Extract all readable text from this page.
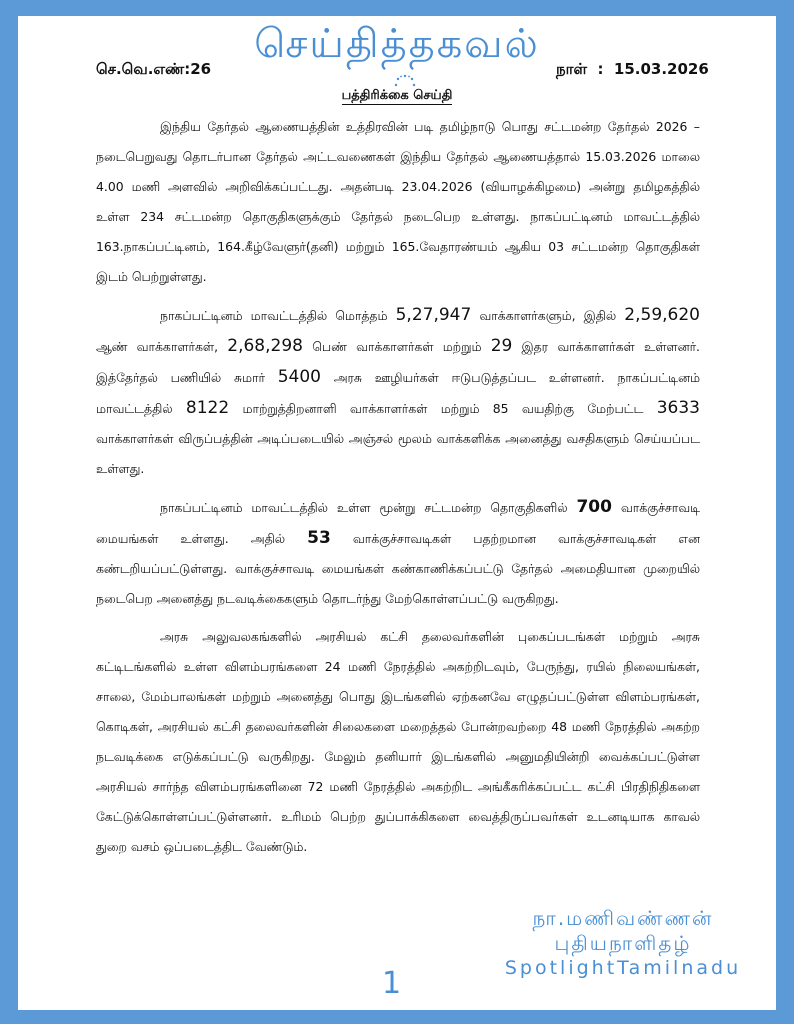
செய்தித்தகவல்
செ.வெ.எண்:26	நாள்  :  15.03.2026
பத்திரிக்கை செய்தி

இந்திய தேர்தல் ஆணையத்தின் உத்திரவின் படி தமிழ்நாடு பொது சட்டமன்ற தேர்தல் 2026 – நடைபெறுவது தொடர்பான தேர்தல் அட்டவணைகள் இந்திய தேர்தல் ஆணையத்தால் 15.03.2026 மாலை 4.00 மணி அளவில் அறிவிக்கப்பட்டது. அதன்படி 23.04.2026 (வியாழக்கிழமை) அன்று தமிழகத்தில் உள்ள 234 சட்டமன்ற தொகுதிகளுக்கும் தேர்தல் நடைபெற உள்ளது. நாகப்பட்டினம் மாவட்டத்தில் 163.நாகப்பட்டினம், 164.கீழ்வேளுர்(தனி) மற்றும் 165.வேதாரண்யம் ஆகிய 03 சட்டமன்ற தொகுதிகள் இடம் பெற்றுள்ளது.

நாகப்பட்டினம் மாவட்டத்தில் மொத்தம் 5,27,947 வாக்காளர்களும், இதில் 2,59,620 ஆண் வாக்காளர்கள், 2,68,298 பெண் வாக்காளர்கள் மற்றும் 29 இதர வாக்காளர்கள் உள்ளனர். இத்தேர்தல் பணியில் சுமார் 5400 அரசு ஊழியர்கள் ஈடுபடுத்தப்பட உள்ளனர். நாகப்பட்டினம் மாவட்டத்தில் 8122 மாற்றுத்திறனாளி வாக்காளர்கள் மற்றும் 85 வயதிற்கு மேற்பட்ட 3633 வாக்காளர்கள் விருப்பத்தின் அடிப்படையில் அஞ்சல் மூலம் வாக்களிக்க அனைத்து வசதிகளும் செய்யப்பட உள்ளது.

நாகப்பட்டினம் மாவட்டத்தில் உள்ள மூன்று சட்டமன்ற தொகுதிகளில் 700 வாக்குச்சாவடி மையங்கள் உள்ளது. அதில் 53 வாக்குச்சாவடிகள் பதற்றமான வாக்குச்சாவடிகள் என கண்டறியப்பட்டுள்ளது. வாக்குச்சாவடி மையங்கள் கண்காணிக்கப்பட்டு தேர்தல் அமைதியான முறையில் நடைபெற அனைத்து நடவடிக்கைகளும் தொடர்ந்து மேற்கொள்ளப்பட்டு வருகிறது.

அரசு அலுவலகங்களில் அரசியல் கட்சி தலைவர்களின் புகைப்படங்கள் மற்றும் அரசு கட்டிடங்களில் உள்ள விளம்பரங்களை 24 மணி நேரத்தில் அகற்றிடவும், பேருந்து, ரயில் நிலையங்கள், சாலை, மேம்பாலங்கள் மற்றும் அனைத்து பொது இடங்களில் ஏற்கனவே எழுதப்பட்டுள்ள விளம்பரங்கள், கொடிகள், அரசியல் கட்சி தலைவர்களின் சிலைகளை மறைத்தல் போன்றவற்றை 48 மணி நேரத்தில் அகற்ற நடவடிக்கை எடுக்கப்பட்டு வருகிறது. மேலும் தனியார் இடங்களில் அனுமதியின்றி வைக்கப்பட்டுள்ள அரசியல் சார்ந்த விளம்பரங்களினை 72 மணி நேரத்தில் அகற்றிட அங்கீகரிக்கப்பட்ட கட்சி பிரதிநிதிகளை கேட்டுக்கொள்ளப்பட்டுள்ளனர். உரிமம் பெற்ற துப்பாக்கிகளை வைத்திருப்பவர்கள் உடனடியாக காவல் துறை வசம் ஒப்படைத்திட வேண்டும்.

நா.மணிவண்ணன்
புதியநாளிதழ்
SpotlightTamilnadu
1
